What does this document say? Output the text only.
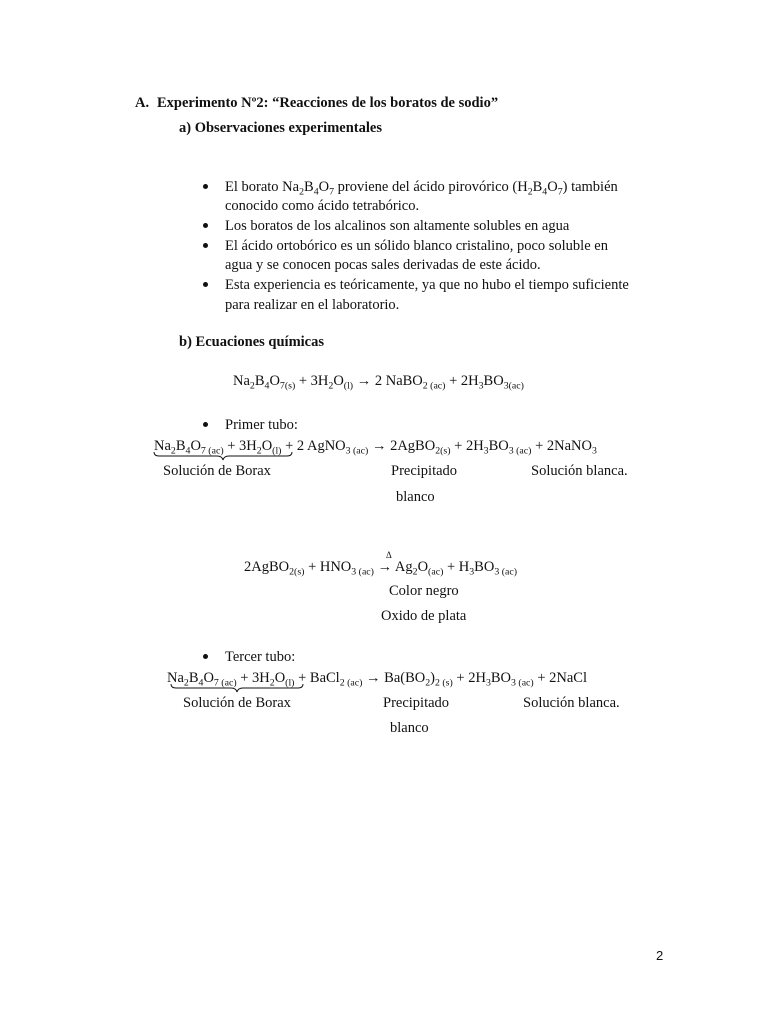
A. Experimento Nº2: “Reacciones de los boratos de sodio”
a) Observaciones experimentales
El borato $Na_2B_4O_7$ proviene del ácido pirovórico $(H_2B_4O_7)$ también
conocido como ácido tetrabórico.
Los boratos de los alcalinos son altamente solubles en agua
El ácido ortobórico es un sólido blanco cristalino, poco soluble en
agua y se conocen pocas sales derivadas de este ácido.
Esta experiencia es teóricamente, ya que no hubo el tiempo suficiente
para realizar en el laboratorio.
b) Ecuaciones químicas
$Na_2B_4O_{7(s)} + 3H_2O_{(l)} \to 2$ NaBO$_{2 (ac)}$ + $2H_3BO_{3(ac)}$
Primer tubo:
$Na_2B_4O_{7 (ac)} + 3H_2O_{(l)} + 2$ AgNO$_{3 (ac)}$ → 2AgBO$_{2(s)}$ + $2H_3BO_{3 (ac)}$ + 2NaNO$_3$
Solución de Borax	Precipitado	Solución blanca.
blanco
Δ
2AgBO$_{2(s)}$ + $HNO_{3 (ac)} \to Ag_2O_{(ac)} + H_3BO_{3 (ac)}$
Color negro
Oxido de plata
Tercer tubo:
$Na_2B_4O_{7 (ac)} + 3H_2O_{(l)}$ + BaCl$_{2 (ac)}$ → $Ba(BO_2)_{2 (s)} + 2H_3BO_{3 (ac)}$ + 2NaCl
Solución de Borax	Precipitado	Solución blanca.
blanco
2
